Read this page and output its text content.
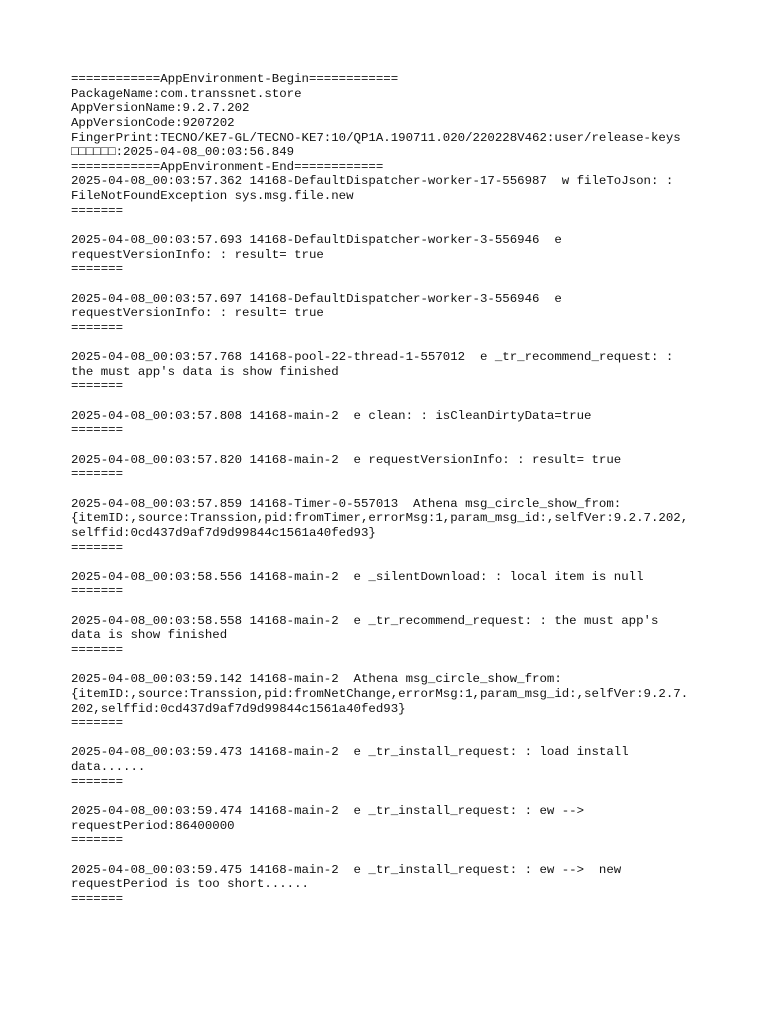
============AppEnvironment-Begin============
PackageName:com.transsnet.store
AppVersionName:9.2.7.202
AppVersionCode:9207202
FingerPrint:TECNO/KE7-GL/TECNO-KE7:10/QP1A.190711.020/220228V462:user/release-keys
□□□□□□:2025-04-08_00:03:56.849
============AppEnvironment-End============
2025-04-08_00:03:57.362 14168-DefaultDispatcher-worker-17-556987  w fileToJson: :
FileNotFoundException sys.msg.file.new
=======
2025-04-08_00:03:57.693 14168-DefaultDispatcher-worker-3-556946  e
requestVersionInfo: : result= true
=======
2025-04-08_00:03:57.697 14168-DefaultDispatcher-worker-3-556946  e
requestVersionInfo: : result= true
=======
2025-04-08_00:03:57.768 14168-pool-22-thread-1-557012  e _tr_recommend_request: :
the must app's data is show finished
=======
2025-04-08_00:03:57.808 14168-main-2  e clean: : isCleanDirtyData=true
=======
2025-04-08_00:03:57.820 14168-main-2  e requestVersionInfo: : result= true
=======
2025-04-08_00:03:57.859 14168-Timer-0-557013  Athena msg_circle_show_from:
{itemID:,source:Transsion,pid:fromTimer,errorMsg:1,param_msg_id:,selfVer:9.2.7.202,
selffid:0cd437d9af7d9d99844c1561a40fed93}
=======
2025-04-08_00:03:58.556 14168-main-2  e _silentDownload: : local item is null
=======
2025-04-08_00:03:58.558 14168-main-2  e _tr_recommend_request: : the must app's
data is show finished
=======
2025-04-08_00:03:59.142 14168-main-2  Athena msg_circle_show_from:
{itemID:,source:Transsion,pid:fromNetChange,errorMsg:1,param_msg_id:,selfVer:9.2.7.
202,selffid:0cd437d9af7d9d99844c1561a40fed93}
=======
2025-04-08_00:03:59.473 14168-main-2  e _tr_install_request: : load install
data......
=======
2025-04-08_00:03:59.474 14168-main-2  e _tr_install_request: : ew -->
requestPeriod:86400000
=======
2025-04-08_00:03:59.475 14168-main-2  e _tr_install_request: : ew -->  new
requestPeriod is too short......
=======
